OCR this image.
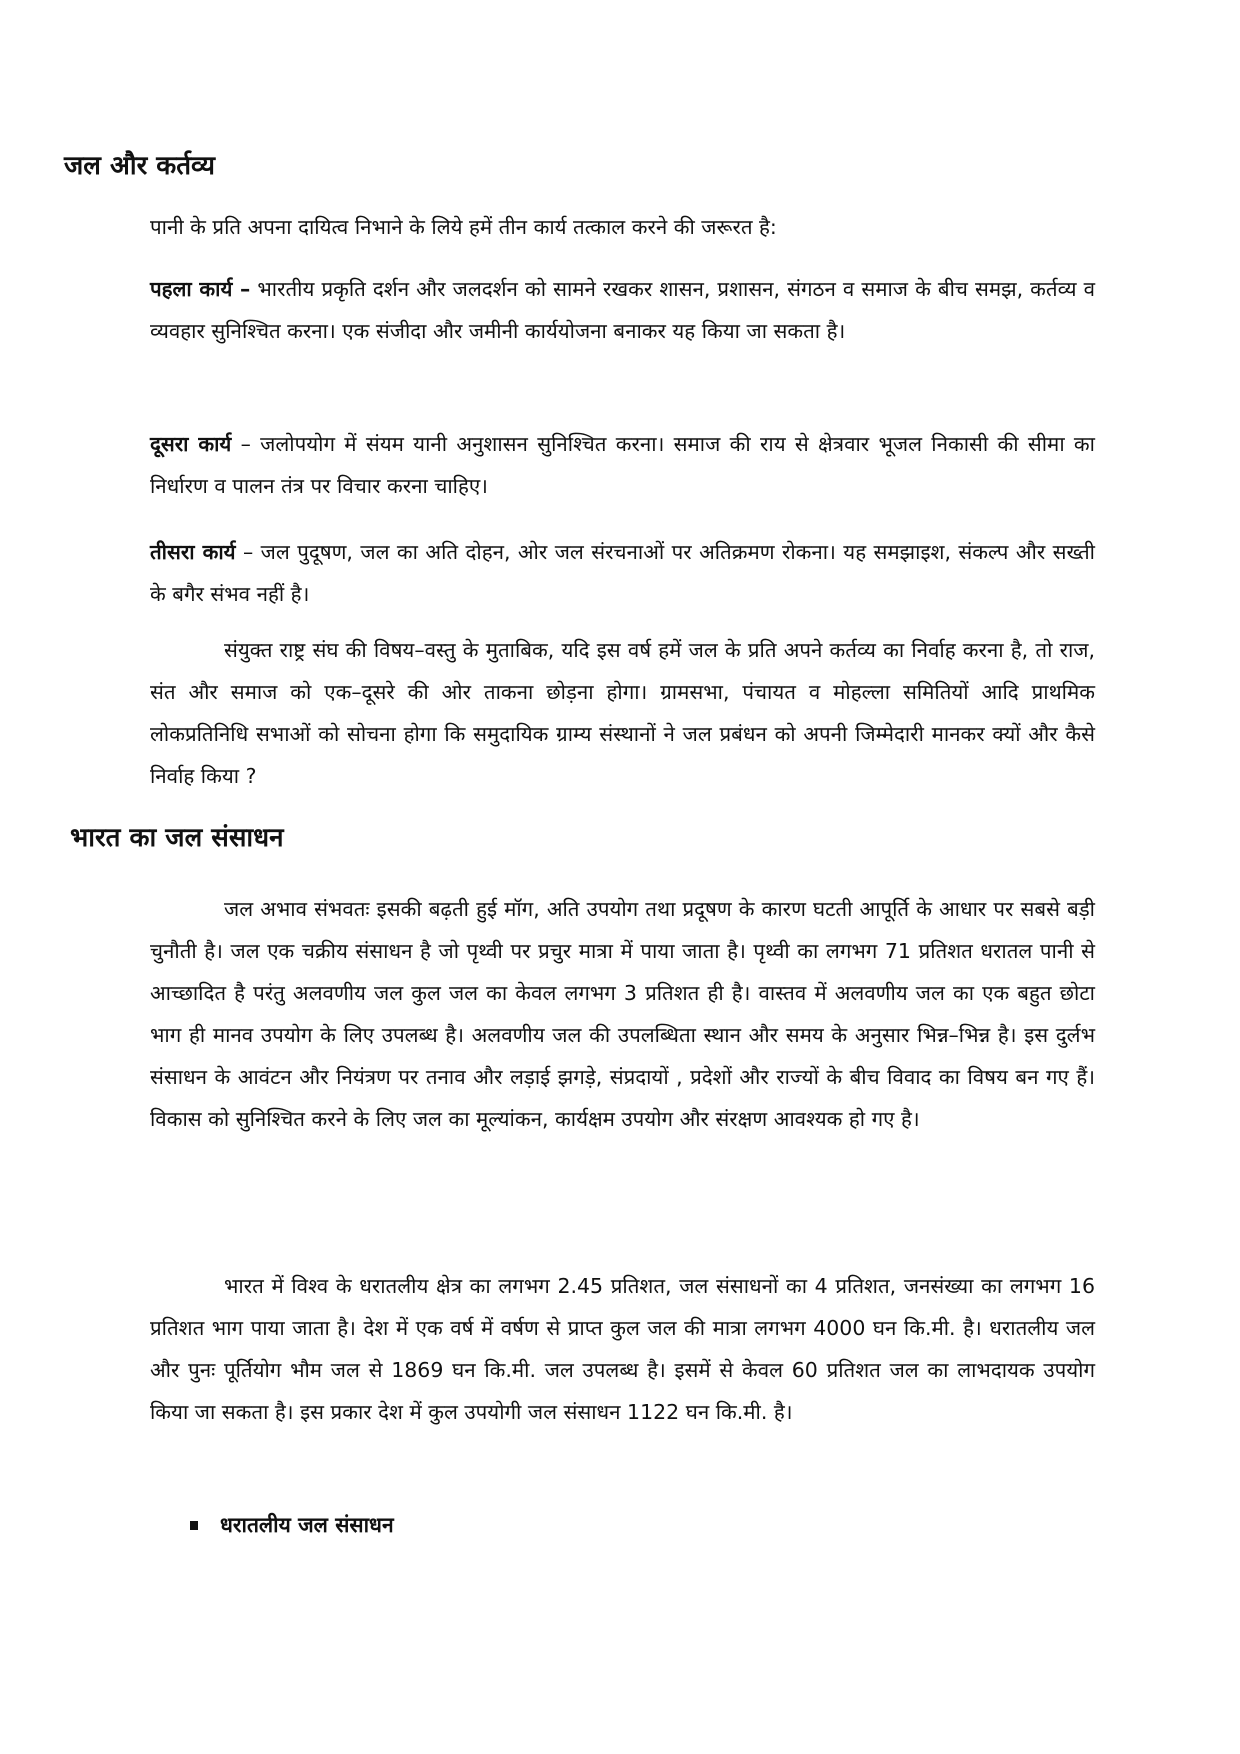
जल और कर्तव्य

पानी के प्रति अपना दायित्व निभाने के लिये हमें तीन कार्य तत्काल करने की जरूरत है:

पहला कार्य – भारतीय प्रकृति दर्शन और जलदर्शन को सामने रखकर शासन, प्रशासन, संगठन व समाज के बीच समझ, कर्तव्य व व्यवहार सुनिश्चित करना। एक संजीदा और जमीनी कार्ययोजना बनाकर यह किया जा सकता है।

दूसरा कार्य – जलोपयोग में संयम यानी अनुशासन सुनिश्चित करना। समाज की राय से क्षेत्रवार भूजल निकासी की सीमा का निर्धारण व पालन तंत्र पर विचार करना चाहिए।

तीसरा कार्य – जल पुदूषण, जल का अति दोहन, ओर जल संरचनाओं पर अतिक्रमण रोकना। यह समझाइश, संकल्प और सख्ती के बगैर संभव नहीं है।

संयुक्त राष्ट्र संघ की विषय–वस्तु के मुताबिक, यदि इस वर्ष हमें जल के प्रति अपने कर्तव्य का निर्वाह करना है, तो राज, संत और समाज को एक–दूसरे की ओर ताकना छोड़ना होगा। ग्रामसभा, पंचायत व मोहल्ला समितियों आदि प्राथमिक लोकप्रतिनिधि सभाओं को सोचना होगा कि समुदायिक ग्राम्य संस्थानों ने जल प्रबंधन को अपनी जिम्मेदारी मानकर क्यों और कैसे निर्वाह किया ?

भारत का जल संसाधन

जल अभाव संभवतः इसकी बढ़ती हुई मॉग, अति उपयोग तथा प्रदूषण के कारण घटती आपूर्ति के आधार पर सबसे बड़ी चुनौती है। जल एक चक्रीय संसाधन है जो पृथ्वी पर प्रचुर मात्रा में पाया जाता है। पृथ्वी का लगभग 71 प्रतिशत धरातल पानी से आच्छादित है परंतु अलवणीय जल कुल जल का केवल लगभग 3 प्रतिशत ही है। वास्तव में अलवणीय जल का एक बहुत छोटा भाग ही मानव उपयोग के लिए उपलब्ध है। अलवणीय जल की उपलब्धिता स्थान और समय के अनुसार भिन्न–भिन्न है। इस दुर्लभ संसाधन के आवंटन और नियंत्रण पर तनाव और लड़ाई झगड़े, संप्रदायों , प्रदेशों और राज्यों के बीच विवाद का विषय बन गए हैं। विकास को सुनिश्चित करने के लिए जल का मूल्यांकन, कार्यक्षम उपयोग और संरक्षण आवश्यक हो गए है।

भारत में विश्व के धरातलीय क्षेत्र का लगभग 2.45 प्रतिशत, जल संसाधनों का 4 प्रतिशत, जनसंख्या का लगभग 16 प्रतिशत भाग पाया जाता है। देश में एक वर्ष में वर्षण से प्राप्त कुल जल की मात्रा लगभग 4000 घन कि.मी. है। धरातलीय जल और पुनः पूर्तियोग भौम जल से 1869 घन कि.मी. जल उपलब्ध है। इसमें से केवल 60 प्रतिशत जल का लाभदायक उपयोग किया जा सकता है। इस प्रकार देश में कुल उपयोगी जल संसाधन 1122 घन कि.मी. है।

धरातलीय जल संसाधन
